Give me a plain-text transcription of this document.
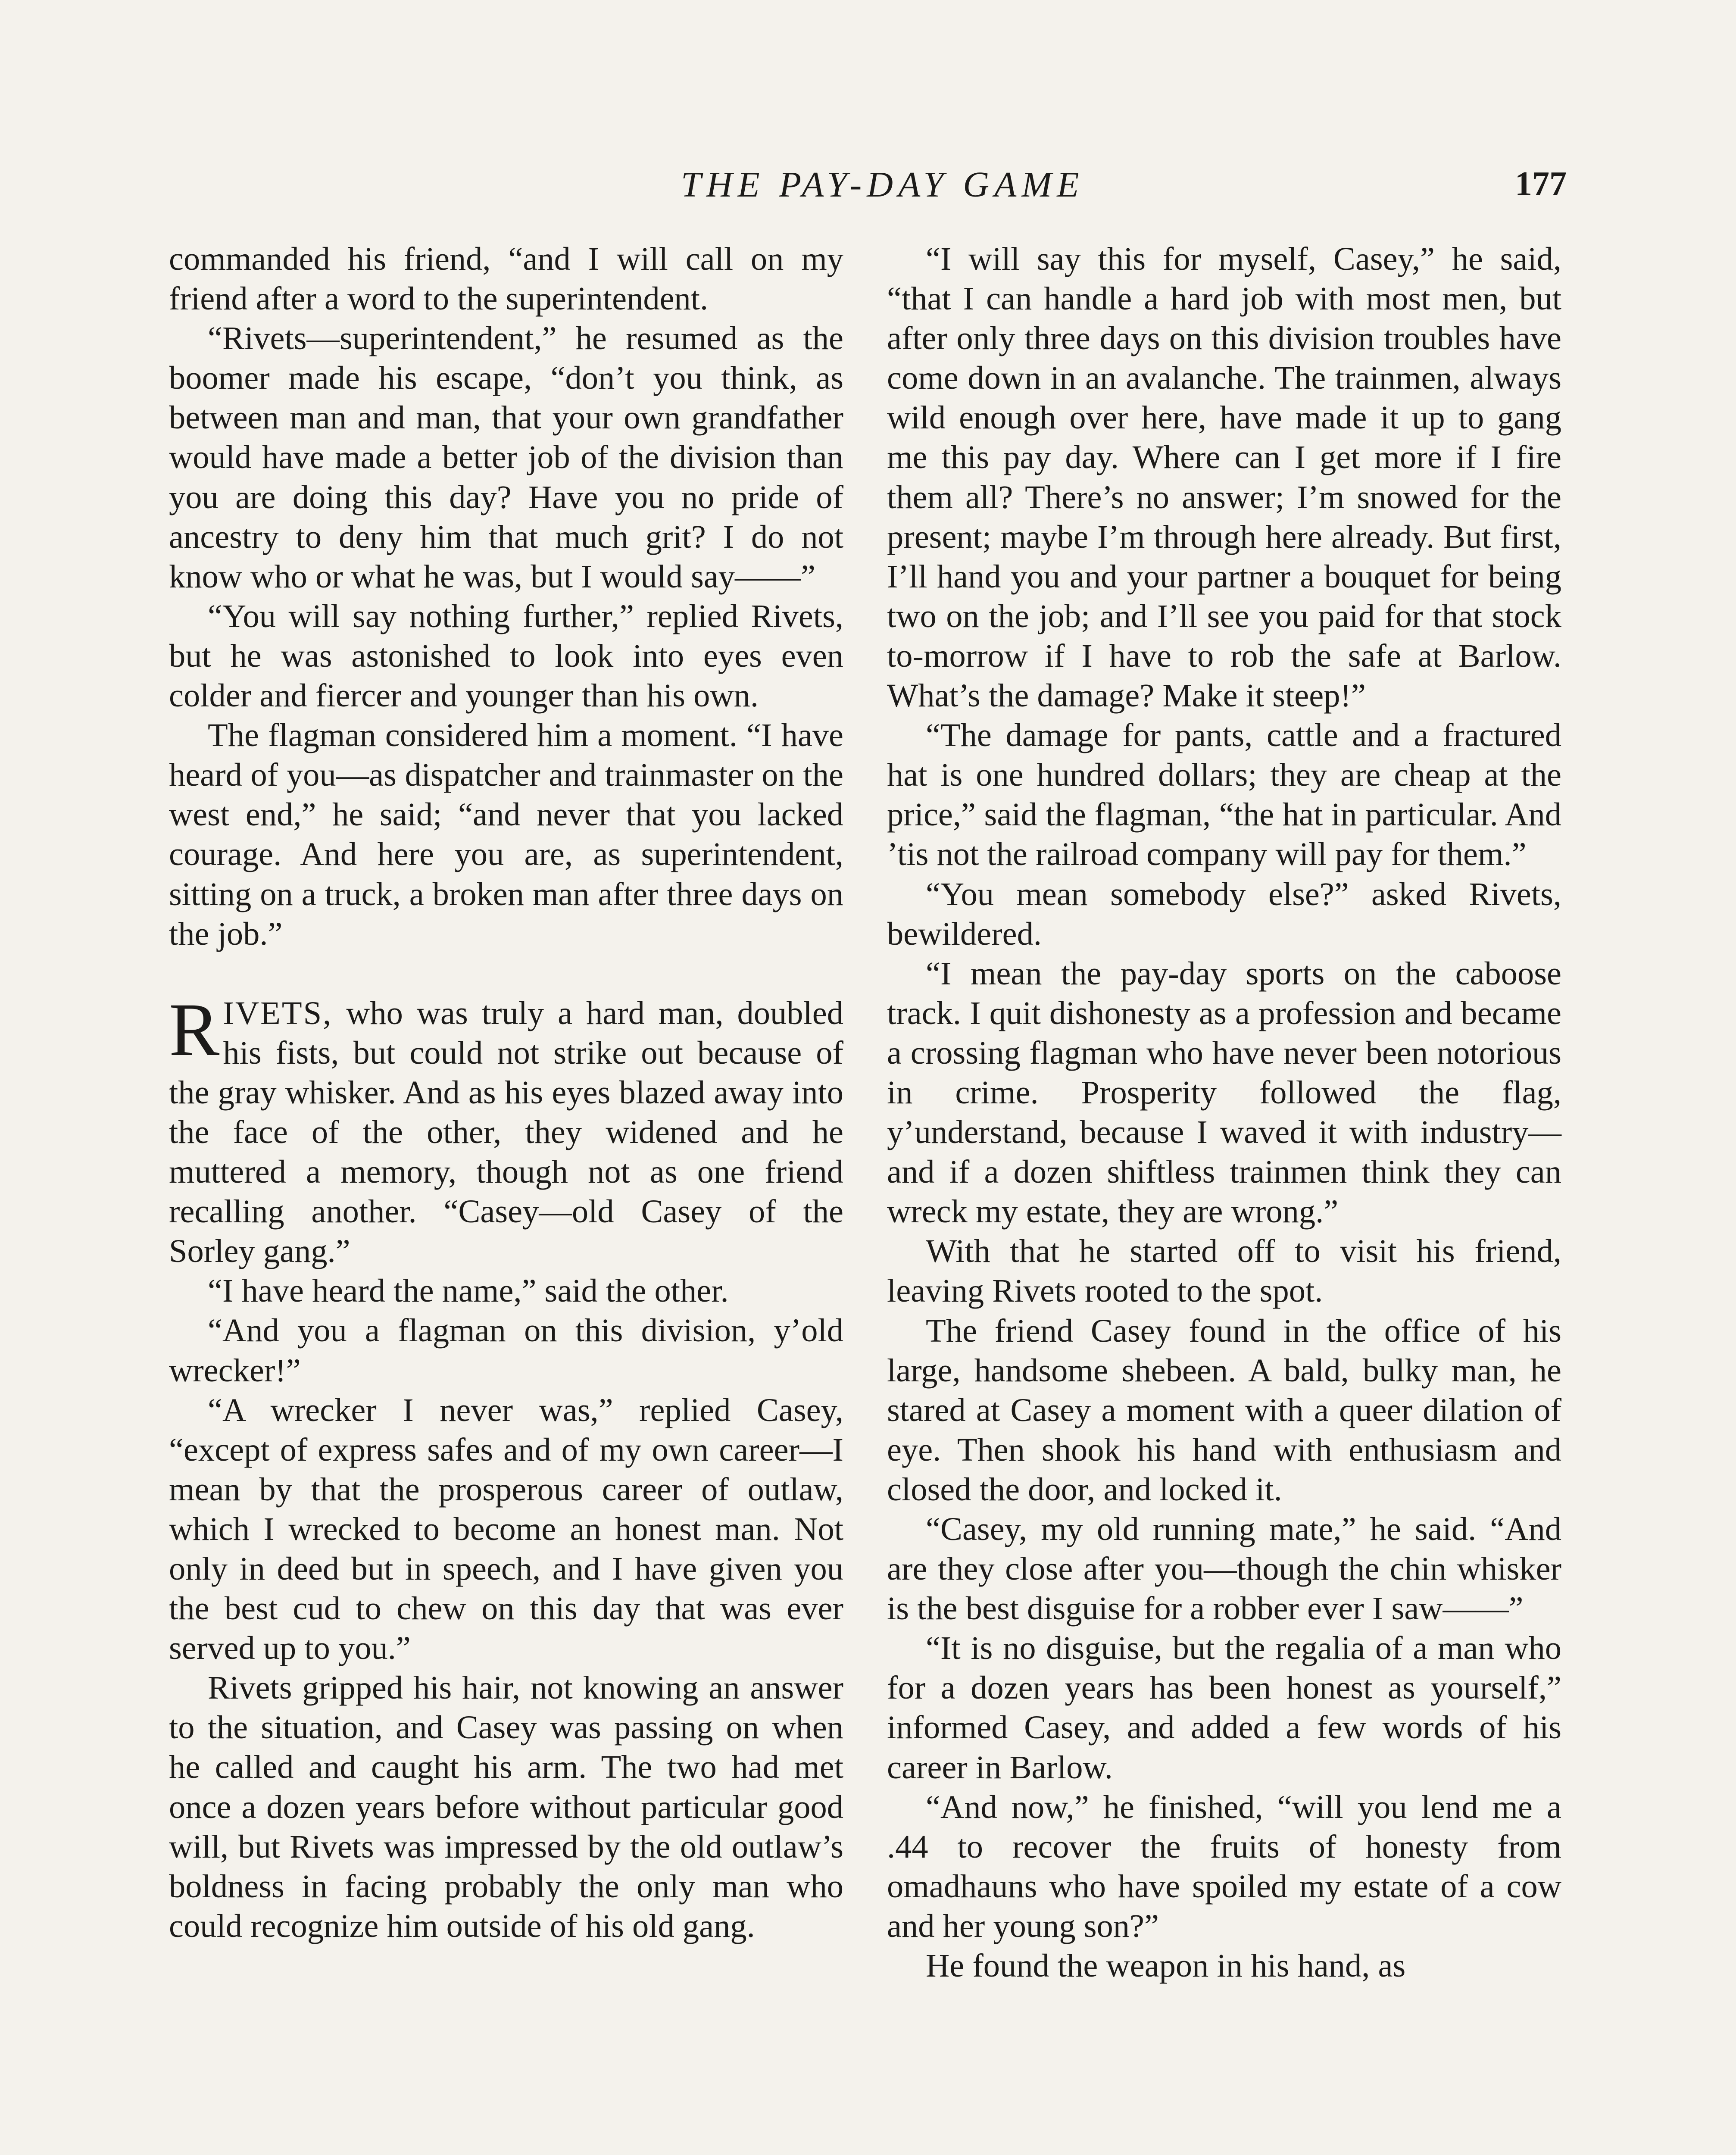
THE PAY-DAY GAME	177

commanded his friend, “and I will call on my friend after a word to the superintendent.

“Rivets—superintendent,” he resumed as the boomer made his escape, “don’t you think, as between man and man, that your own grandfather would have made a better job of the division than you are doing this day? Have you no pride of ancestry to deny him that much grit? I do not know who or what he was, but I would say——”

“You will say nothing further,” replied Rivets, but he was astonished to look into eyes even colder and fiercer and younger than his own.

The flagman considered him a moment. “I have heard of you—as dispatcher and trainmaster on the west end,” he said; “and never that you lacked courage. And here you are, as superintendent, sitting on a truck, a broken man after three days on the job.”

RIVETS, who was truly a hard man, doubled his fists, but could not strike out because of the gray whisker. And as his eyes blazed away into the face of the other, they widened and he muttered a memory, though not as one friend recalling another. “Casey—old Casey of the Sorley gang.”

“I have heard the name,” said the other.

“And you a flagman on this division, y’old wrecker!”

“A wrecker I never was,” replied Casey, “except of express safes and of my own career—I mean by that the prosperous career of outlaw, which I wrecked to become an honest man. Not only in deed but in speech, and I have given you the best cud to chew on this day that was ever served up to you.”

Rivets gripped his hair, not knowing an answer to the situation, and Casey was passing on when he called and caught his arm. The two had met once a dozen years before without particular good will, but Rivets was impressed by the old outlaw’s boldness in facing probably the only man who could recognize him outside of his old gang.

“I will say this for myself, Casey,” he said, “that I can handle a hard job with most men, but after only three days on this division troubles have come down in an avalanche. The trainmen, always wild enough over here, have made it up to gang me this pay day. Where can I get more if I fire them all? There’s no answer; I’m snowed for the present; maybe I’m through here already. But first, I’ll hand you and your partner a bouquet for being two on the job; and I’ll see you paid for that stock to-morrow if I have to rob the safe at Barlow. What’s the damage? Make it steep!”

“The damage for pants, cattle and a fractured hat is one hundred dollars; they are cheap at the price,” said the flagman, “the hat in particular. And ’tis not the railroad company will pay for them.”

“You mean somebody else?” asked Rivets, bewildered.

“I mean the pay-day sports on the caboose track. I quit dishonesty as a profession and became a crossing flagman who have never been notorious in crime. Prosperity followed the flag, y’understand, because I waved it with industry—and if a dozen shiftless trainmen think they can wreck my estate, they are wrong.”

With that he started off to visit his friend, leaving Rivets rooted to the spot.

The friend Casey found in the office of his large, handsome shebeen. A bald, bulky man, he stared at Casey a moment with a queer dilation of eye. Then shook his hand with enthusiasm and closed the door, and locked it.

“Casey, my old running mate,” he said. “And are they close after you—though the chin whisker is the best disguise for a robber ever I saw——”

“It is no disguise, but the regalia of a man who for a dozen years has been honest as yourself,” informed Casey, and added a few words of his career in Barlow.

“And now,” he finished, “will you lend me a .44 to recover the fruits of honesty from omadhauns who have spoiled my estate of a cow and her young son?”

He found the weapon in his hand, as
